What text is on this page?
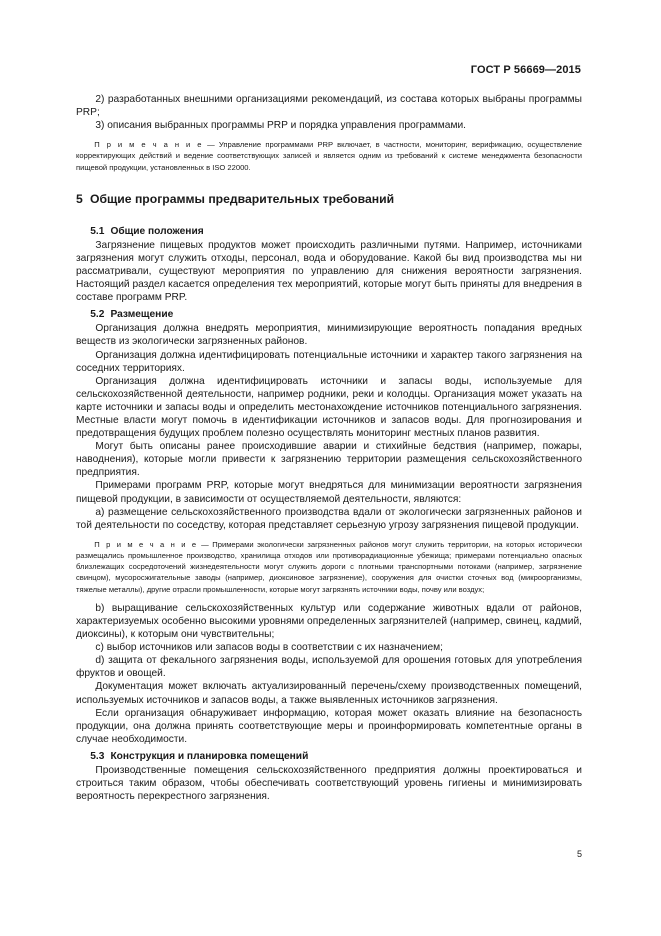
ГОСТ Р 56669—2015

2) разработанных внешними организациями рекомендаций, из состава которых выбраны программы PRP;

3) описания выбранных программы PRP и порядка управления программами.

П р и м е ч а н и е — Управление программами PRP включает, в частности, мониторинг, верификацию, осуществление корректирующих действий и ведение соответствующих записей и является одним из требований к системе менеджмента безопасности пищевой продукции, установленных в ISO 22000.

5 Общие программы предварительных требований
5.1 Общие положения

Загрязнение пищевых продуктов может происходить различными путями. Например, источниками загрязнения могут служить отходы, персонал, вода и оборудование. Какой бы вид производства мы ни рассматривали, существуют мероприятия по управлению для снижения вероятности загрязнения. Настоящий раздел касается определения тех мероприятий, которые могут быть приняты для внедрения в составе программ PRP.

5.2 Размещение

Организация должна внедрять мероприятия, минимизирующие вероятность попадания вредных веществ из экологически загрязненных районов.

Организация должна идентифицировать потенциальные источники и характер такого загрязнения на соседних территориях.

Организация должна идентифицировать источники и запасы воды, используемые для сельскохозяйственной деятельности, например родники, реки и колодцы. Организация может указать на карте источники и запасы воды и определить местонахождение источников потенциального загрязнения. Местные власти могут помочь в идентификации источников и запасов воды. Для прогнозирования и предотвращения будущих проблем полезно осуществлять мониторинг местных планов развития.

Могут быть описаны ранее происходившие аварии и стихийные бедствия (например, пожары, наводнения), которые могли привести к загрязнению территории размещения сельскохозяйственного предприятия.

Примерами программ PRP, которые могут внедряться для минимизации вероятности загрязнения пищевой продукции, в зависимости от осуществляемой деятельности, являются:

a) размещение сельскохозяйственного производства вдали от экологически загрязненных районов и той деятельности по соседству, которая представляет серьезную угрозу загрязнения пищевой продукции.

П р и м е ч а н и е — Примерами экологически загрязненных районов могут служить территории, на которых исторически размещались промышленное производство, хранилища отходов или противорадиационные убежища; примерами потенциально опасных близлежащих сосредоточений жизнедеятельности могут служить дороги с плотными транспортными потоками (например, загрязнение свинцом), мусоросжигательные заводы (например, диоксиновое загрязнение), сооружения для очистки сточных вод (микроорганизмы, тяжелые металлы), другие отрасли промышленности, которые могут загрязнять источники воды, почву или воздух;

b) выращивание сельскохозяйственных культур или содержание животных вдали от районов, характеризуемых особенно высокими уровнями определенных загрязнителей (например, свинец, кадмий, диоксины), к которым они чувствительны;

c) выбор источников или запасов воды в соответствии с их назначением;

d) защита от фекального загрязнения воды, используемой для орошения готовых для употребления фруктов и овощей.

Документация может включать актуализированный перечень/схему производственных помещений, используемых источников и запасов воды, а также выявленных источников загрязнения.

Если организация обнаруживает информацию, которая может оказать влияние на безопасность продукции, она должна принять соответствующие меры и проинформировать компетентные органы в случае необходимости.

5.3 Конструкция и планировка помещений

Производственные помещения сельскохозяйственного предприятия должны проектироваться и строиться таким образом, чтобы обеспечивать соответствующий уровень гигиены и минимизировать вероятность перекрестного загрязнения.

5
